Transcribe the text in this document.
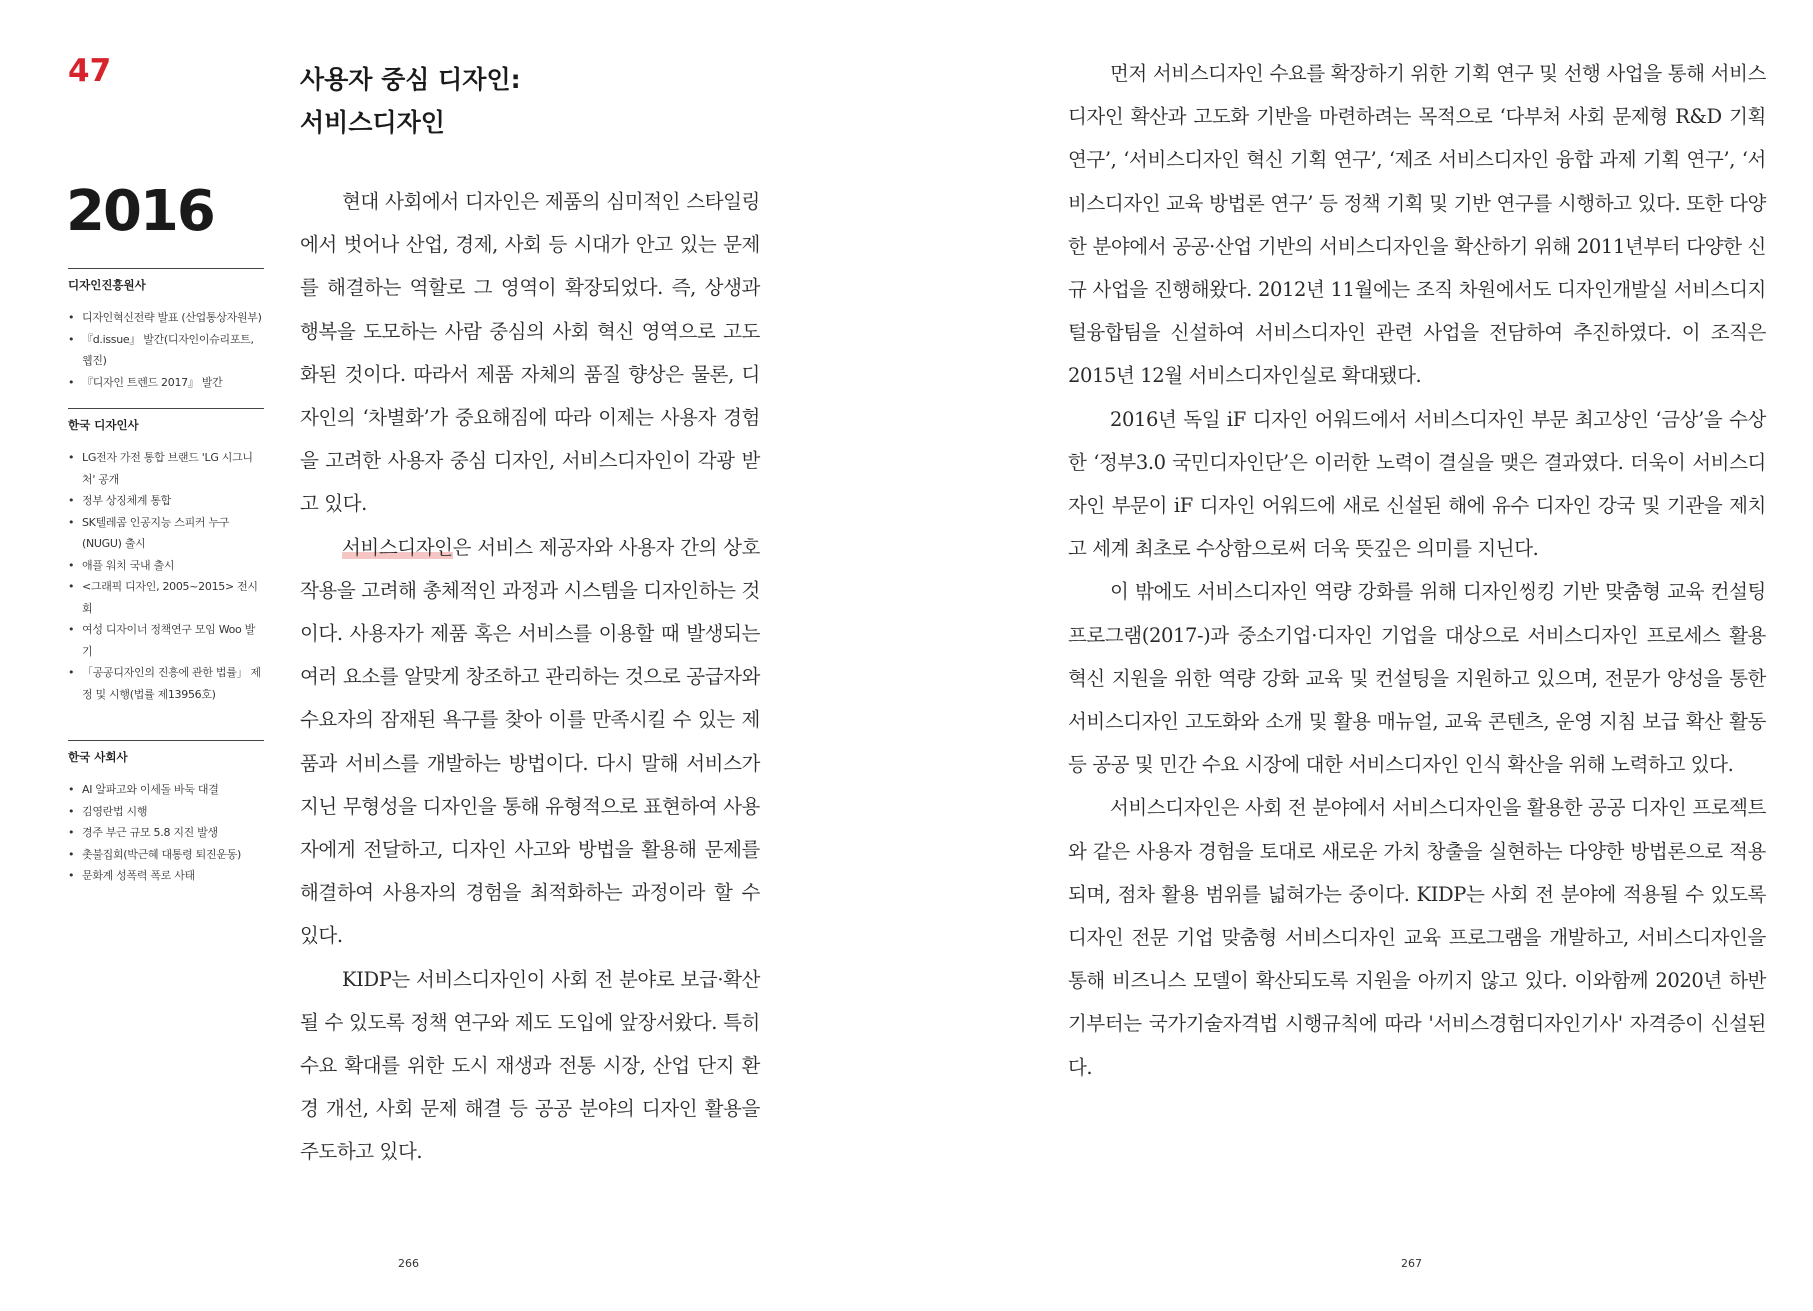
47
2016
디자인진흥원사
• 디자인혁신전략 발표 (산업통상자원부)
• 『d.issue』 발간(디자인이슈리포트, 웹진)
• 『디자인 트렌드 2017』 발간
한국 디자인사
• LG전자 가전 통합 브랜드 'LG 시그니처' 공개
• 정부 상징체계 통합
• SK텔레콤 인공지능 스피커 누구 (NUGU) 출시
• 애플 워치 국내 출시
• <그래픽 디자인, 2005~2015> 전시회
• 여성 디자이너 정책연구 모임 Woo 발기
• 「공공디자인의 진흥에 관한 법률」 제정 및 시행(법률 제13956호)
한국 사회사
• AI 알파고와 이세돌 바둑 대결
• 김영란법 시행
• 경주 부근 규모 5.8 지진 발생
• 촛불집회(박근혜 대통령 퇴진운동)
• 문화계 성폭력 폭로 사태
사용자 중심 디자인:
서비스디자인

현대 사회에서 디자인은 제품의 심미적인 스타일링에서 벗어나 산업, 경제, 사회 등 시대가 안고 있는 문제를 해결하는 역할로 그 영역이 확장되었다. 즉, 상생과 행복을 도모하는 사람 중심의 사회 혁신 영역으로 고도화된 것이다. 따라서 제품 자체의 품질 향상은 물론, 디자인의 ‘차별화’가 중요해짐에 따라 이제는 사용자 경험을 고려한 사용자 중심 디자인, 서비스디자인이 각광 받고 있다.

서비스디자인은 서비스 제공자와 사용자 간의 상호작용을 고려해 총체적인 과정과 시스템을 디자인하는 것이다. 사용자가 제품 혹은 서비스를 이용할 때 발생되는 여러 요소를 알맞게 창조하고 관리하는 것으로 공급자와 수요자의 잠재된 욕구를 찾아 이를 만족시킬 수 있는 제품과 서비스를 개발하는 방법이다. 다시 말해 서비스가 지닌 무형성을 디자인을 통해 유형적으로 표현하여 사용자에게 전달하고, 디자인 사고와 방법을 활용해 문제를 해결하여 사용자의 경험을 최적화하는 과정이라 할 수 있다.

KIDP는 서비스디자인이 사회 전 분야로 보급·확산될 수 있도록 정책 연구와 제도 도입에 앞장서왔다. 특히 수요 확대를 위한 도시 재생과 전통 시장, 산업 단지 환경 개선, 사회 문제 해결 등 공공 분야의 디자인 활용을 주도하고 있다.

266

먼저 서비스디자인 수요를 확장하기 위한 기획 연구 및 선행 사업을 통해 서비스디자인 확산과 고도화 기반을 마련하려는 목적으로 ‘다부처 사회 문제형 R&D 기획 연구’, ‘서비스디자인 혁신 기획 연구’, ‘제조 서비스디자인 융합 과제 기획 연구’, ‘서비스디자인 교육 방법론 연구’ 등 정책 기획 및 기반 연구를 시행하고 있다. 또한 다양한 분야에서 공공·산업 기반의 서비스디자인을 확산하기 위해 2011년부터 다양한 신규 사업을 진행해왔다. 2012년 11월에는 조직 차원에서도 디자인개발실 서비스디지털융합팀을 신설하여 서비스디자인 관련 사업을 전담하여 추진하였다. 이 조직은 2015년 12월 서비스디자인실로 확대됐다.

2016년 독일 iF 디자인 어워드에서 서비스디자인 부문 최고상인 ‘금상’을 수상한 ‘정부3.0 국민디자인단’은 이러한 노력이 결실을 맺은 결과였다. 더욱이 서비스디자인 부문이 iF 디자인 어워드에 새로 신설된 해에 유수 디자인 강국 및 기관을 제치고 세계 최초로 수상함으로써 더욱 뜻깊은 의미를 지닌다.

이 밖에도 서비스디자인 역량 강화를 위해 디자인씽킹 기반 맞춤형 교육 컨설팅 프로그램(2017-)과 중소기업·디자인 기업을 대상으로 서비스디자인 프로세스 활용 혁신 지원을 위한 역량 강화 교육 및 컨설팅을 지원하고 있으며, 전문가 양성을 통한 서비스디자인 고도화와 소개 및 활용 매뉴얼, 교육 콘텐츠, 운영 지침 보급 확산 활동 등 공공 및 민간 수요 시장에 대한 서비스디자인 인식 확산을 위해 노력하고 있다.

서비스디자인은 사회 전 분야에서 서비스디자인을 활용한 공공 디자인 프로젝트와 같은 사용자 경험을 토대로 새로운 가치 창출을 실현하는 다양한 방법론으로 적용되며, 점차 활용 범위를 넓혀가는 중이다. KIDP는 사회 전 분야에 적용될 수 있도록 디자인 전문 기업 맞춤형 서비스디자인 교육 프로그램을 개발하고, 서비스디자인을 통해 비즈니스 모델이 확산되도록 지원을 아끼지 않고 있다. 이와함께 2020년 하반기부터는 국가기술자격법 시행규칙에 따라 '서비스경험디자인기사' 자격증이 신설된다.

267
